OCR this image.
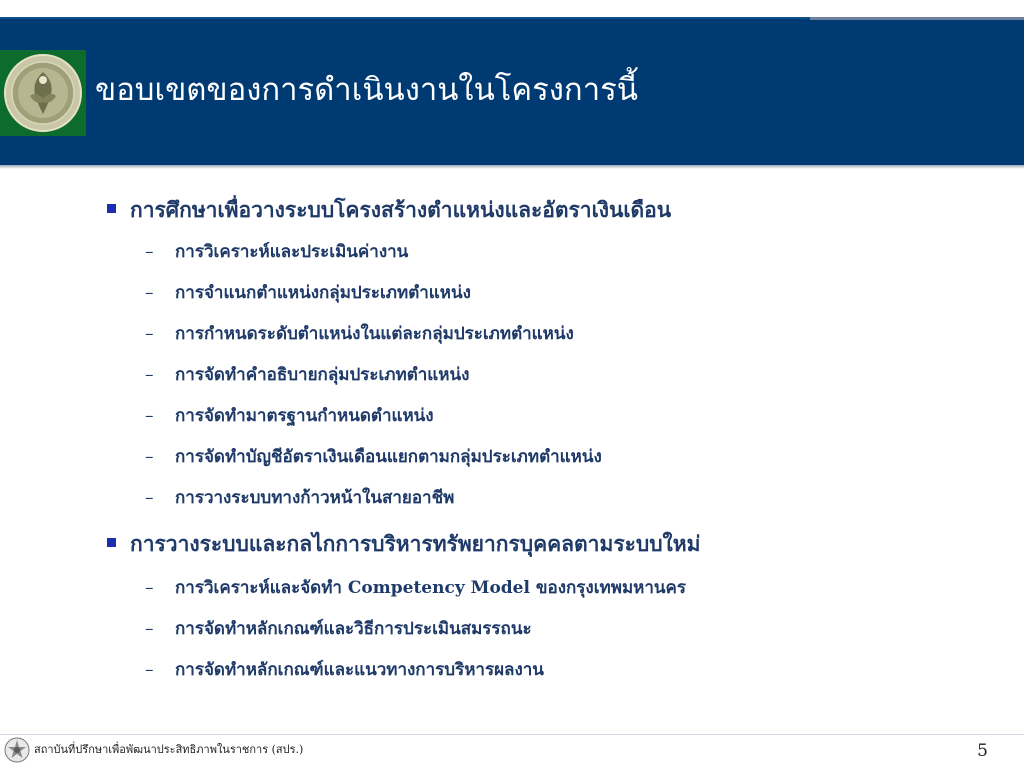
ขอบเขตของการดำเนินงานในโครงการนี้
การศึกษาเพื่อวางระบบโครงสร้างตำแหน่งและอัตราเงินเดือน
– การวิเคราะห์และประเมินค่างาน
– การจำแนกตำแหน่งกลุ่มประเภทตำแหน่ง
– การกำหนดระดับตำแหน่งในแต่ละกลุ่มประเภทตำแหน่ง
– การจัดทำคำอธิบายกลุ่มประเภทตำแหน่ง
– การจัดทำมาตรฐานกำหนดตำแหน่ง
– การจัดทำบัญชีอัตราเงินเดือนแยกตามกลุ่มประเภทตำแหน่ง
– การวางระบบทางก้าวหน้าในสายอาชีพ
การวางระบบและกลไกการบริหารทรัพยากรบุคคลตามระบบใหม่
– การวิเคราะห์และจัดทำ Competency Model ของกรุงเทพมหานคร
– การจัดทำหลักเกณฑ์และวิธีการประเมินสมรรถนะ
– การจัดทำหลักเกณฑ์และแนวทางการบริหารผลงาน
สถาบันที่ปรึกษาเพื่อพัฒนาประสิทธิภาพในราชการ (สปร.)	5
